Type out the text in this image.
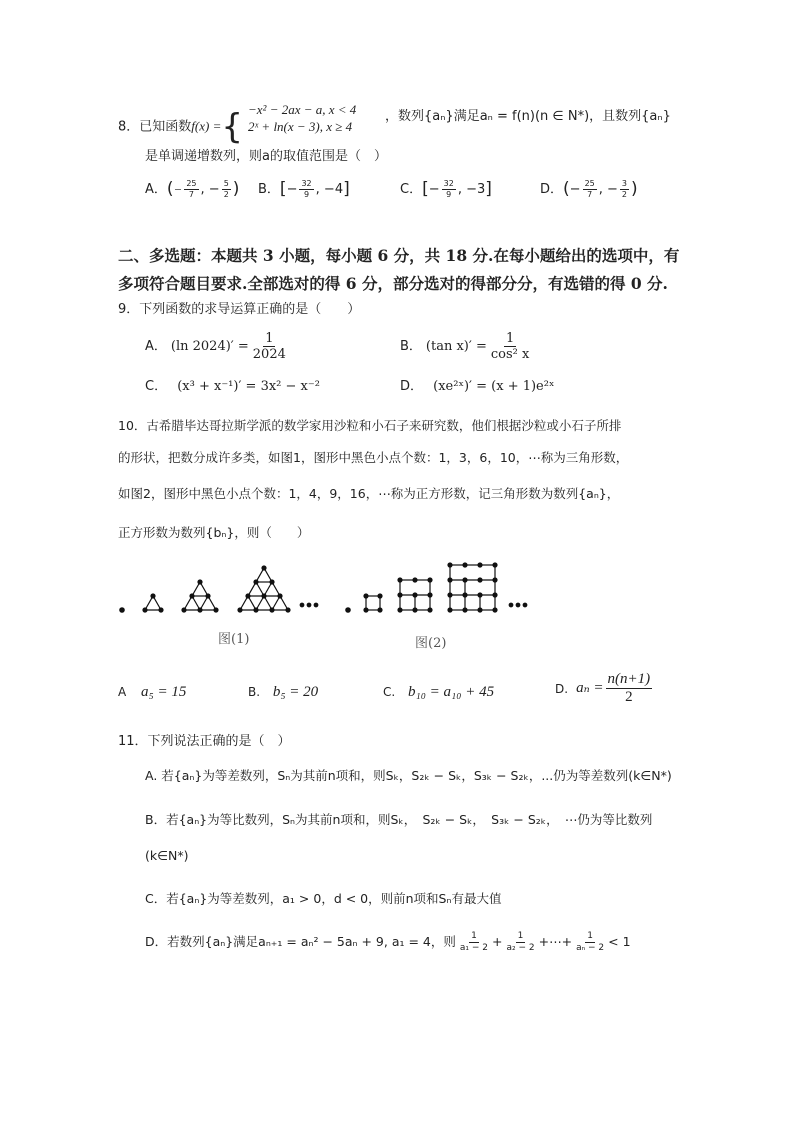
8．已知函数f(x) ={ −x² − 2ax − a, x < 4
2ˣ + ln(x − 3), x ≥ 4
，数列{aₙ}满足aₙ = f(n)(n ∈ N*)，且数列{aₙ}
是单调递增数列，则a的取值范围是（　）
A． ( − $\frac{25}{7}$ , − $\frac{5}{2}$ ) B． [ − $\frac{32}{9}$ , −4 ]	C． [ − $\frac{32}{9}$ , −3 ]	D． ( − $\frac{25}{7}$ , − $\frac{3}{2}$ )
二、多选题：本题共 3 小题，每小题 6 分，共 18 分.在每小题给出的选项中，有
多项符合题目要求.全部选对的得 6 分，部分选对的得部分分，有选错的得 0 分.
9．下列函数的求导运算正确的是（　　）
A． (ln $2024)' = \frac{1}{2024}$	B． (tan $x)' = \frac{1}{\text{cos² x}}$
C． (x³ + x⁻¹)′ = 3x² − x⁻²	D． (xe²ˣ)′ = (x + 1)e²ˣ
10．古希腊毕达哥拉斯学派的数学家用沙粒和小石子来研究数，他们根据沙粒或小石子所排
的形状，把数分成许多类，如图1，图形中黑色小点个数：1，3，6，10，⋯称为三角形数，
如图2，图形中黑色小点个数：1，4，9，16，⋯称为正方形数，记三角形数为数列{aₙ}，
正方形数为数列{bₙ}，则（　　）
图(1)	图(2)
A a₅ = 15	B. b₅ = 20	C. b₁₀ = a₁₀ + 45	D. $a_n = \frac{n(n+1)}{2}$
11．下列说法正确的是（　）
A. 若{aₙ}为等差数列，Sₙ为其前n项和，则Sₖ，S₂ₖ − Sₖ，S₃ₖ − S₂ₖ，...仍为等差数列(k∈N*)
B．若{aₙ}为等比数列，Sₙ为其前n项和，则Sₖ，　S₂ₖ − Sₖ，　S₃ₖ − S₂ₖ，　⋯仍为等比数列
(k∈N*)
C．若{aₙ}为等差数列，a₁ > 0，d < 0，则前n项和Sₙ有最大值
D．若数列{aₙ}满足aₙ₊₁ = aₙ² − 5aₙ + 9, a₁ = 4，则 $\frac{1}{\text{a₁ − 2}} + \frac{1}{\text{a₂ − 2}}$ +⋯+ $\frac{1}{\text{aₙ − 2}} < 1$
